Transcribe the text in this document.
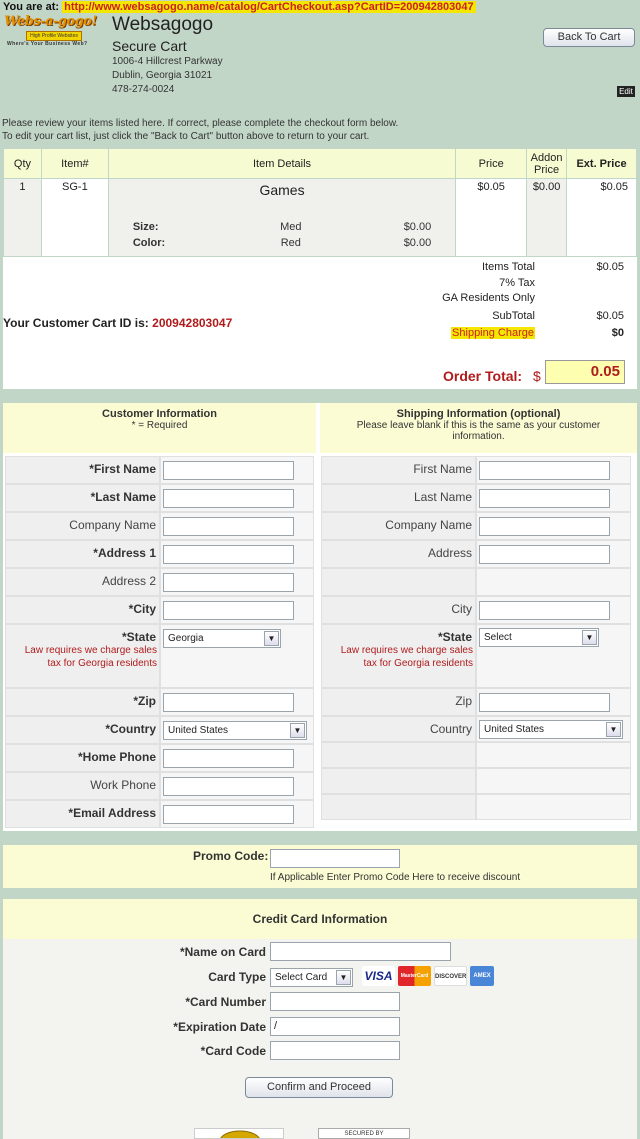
You are at: http://www.websagogo.name/catalog/CartCheckout.asp?CartID=200942803047
Webs-a-gogo!
High Profile Websites
Where's Your Business Web?
Websagogo
Secure Cart
1006-4 Hillcrest Parkway
Dublin, Georgia 31021
478-274-0024
Back To Cart
Edit
Please review your items listed here. If correct, please complete the checkout form below.
To edit your cart list, just click the "Back to Cart" button above to return to your cart.
Qty	Item#	Item Details	Price	Addon Price	Ext. Price
1	SG-1	Games
Size:	Med	$0.00
Color:	Red	$0.00
	$0.05	$0.00	$0.05
Items Total	$0.05
7% Tax
GA Residents Only
SubTotal	$0.05
Shipping Charge	$0
Your Customer Cart ID is: 200942803047
Order Total: $	0.05
Customer Information
* = Required
Shipping Information (optional)
Please leave blank if this is the same as your customer information.
*First Name
*Last Name
Company Name
*Address 1
Address 2
*City
*State	Georgia	▼
Law requires we charge sales tax for Georgia residents
*Zip
*Country	United States	▼
*Home Phone
Work Phone
*Email Address
First Name
Last Name
Company Name
Address
City
*State	Select	▼
Law requires we charge sales tax for Georgia residents
Zip
Country	United States	▼
Promo Code:
If Applicable Enter Promo Code Here to receive discount
Credit Card Information
*Name on Card
Card Type Select Card	▼ VISA	MasterCard	DISCOVER	AMEX
*Card Number
*Expiration Date /
*Card Code
Confirm and Proceed
SECURED BY
